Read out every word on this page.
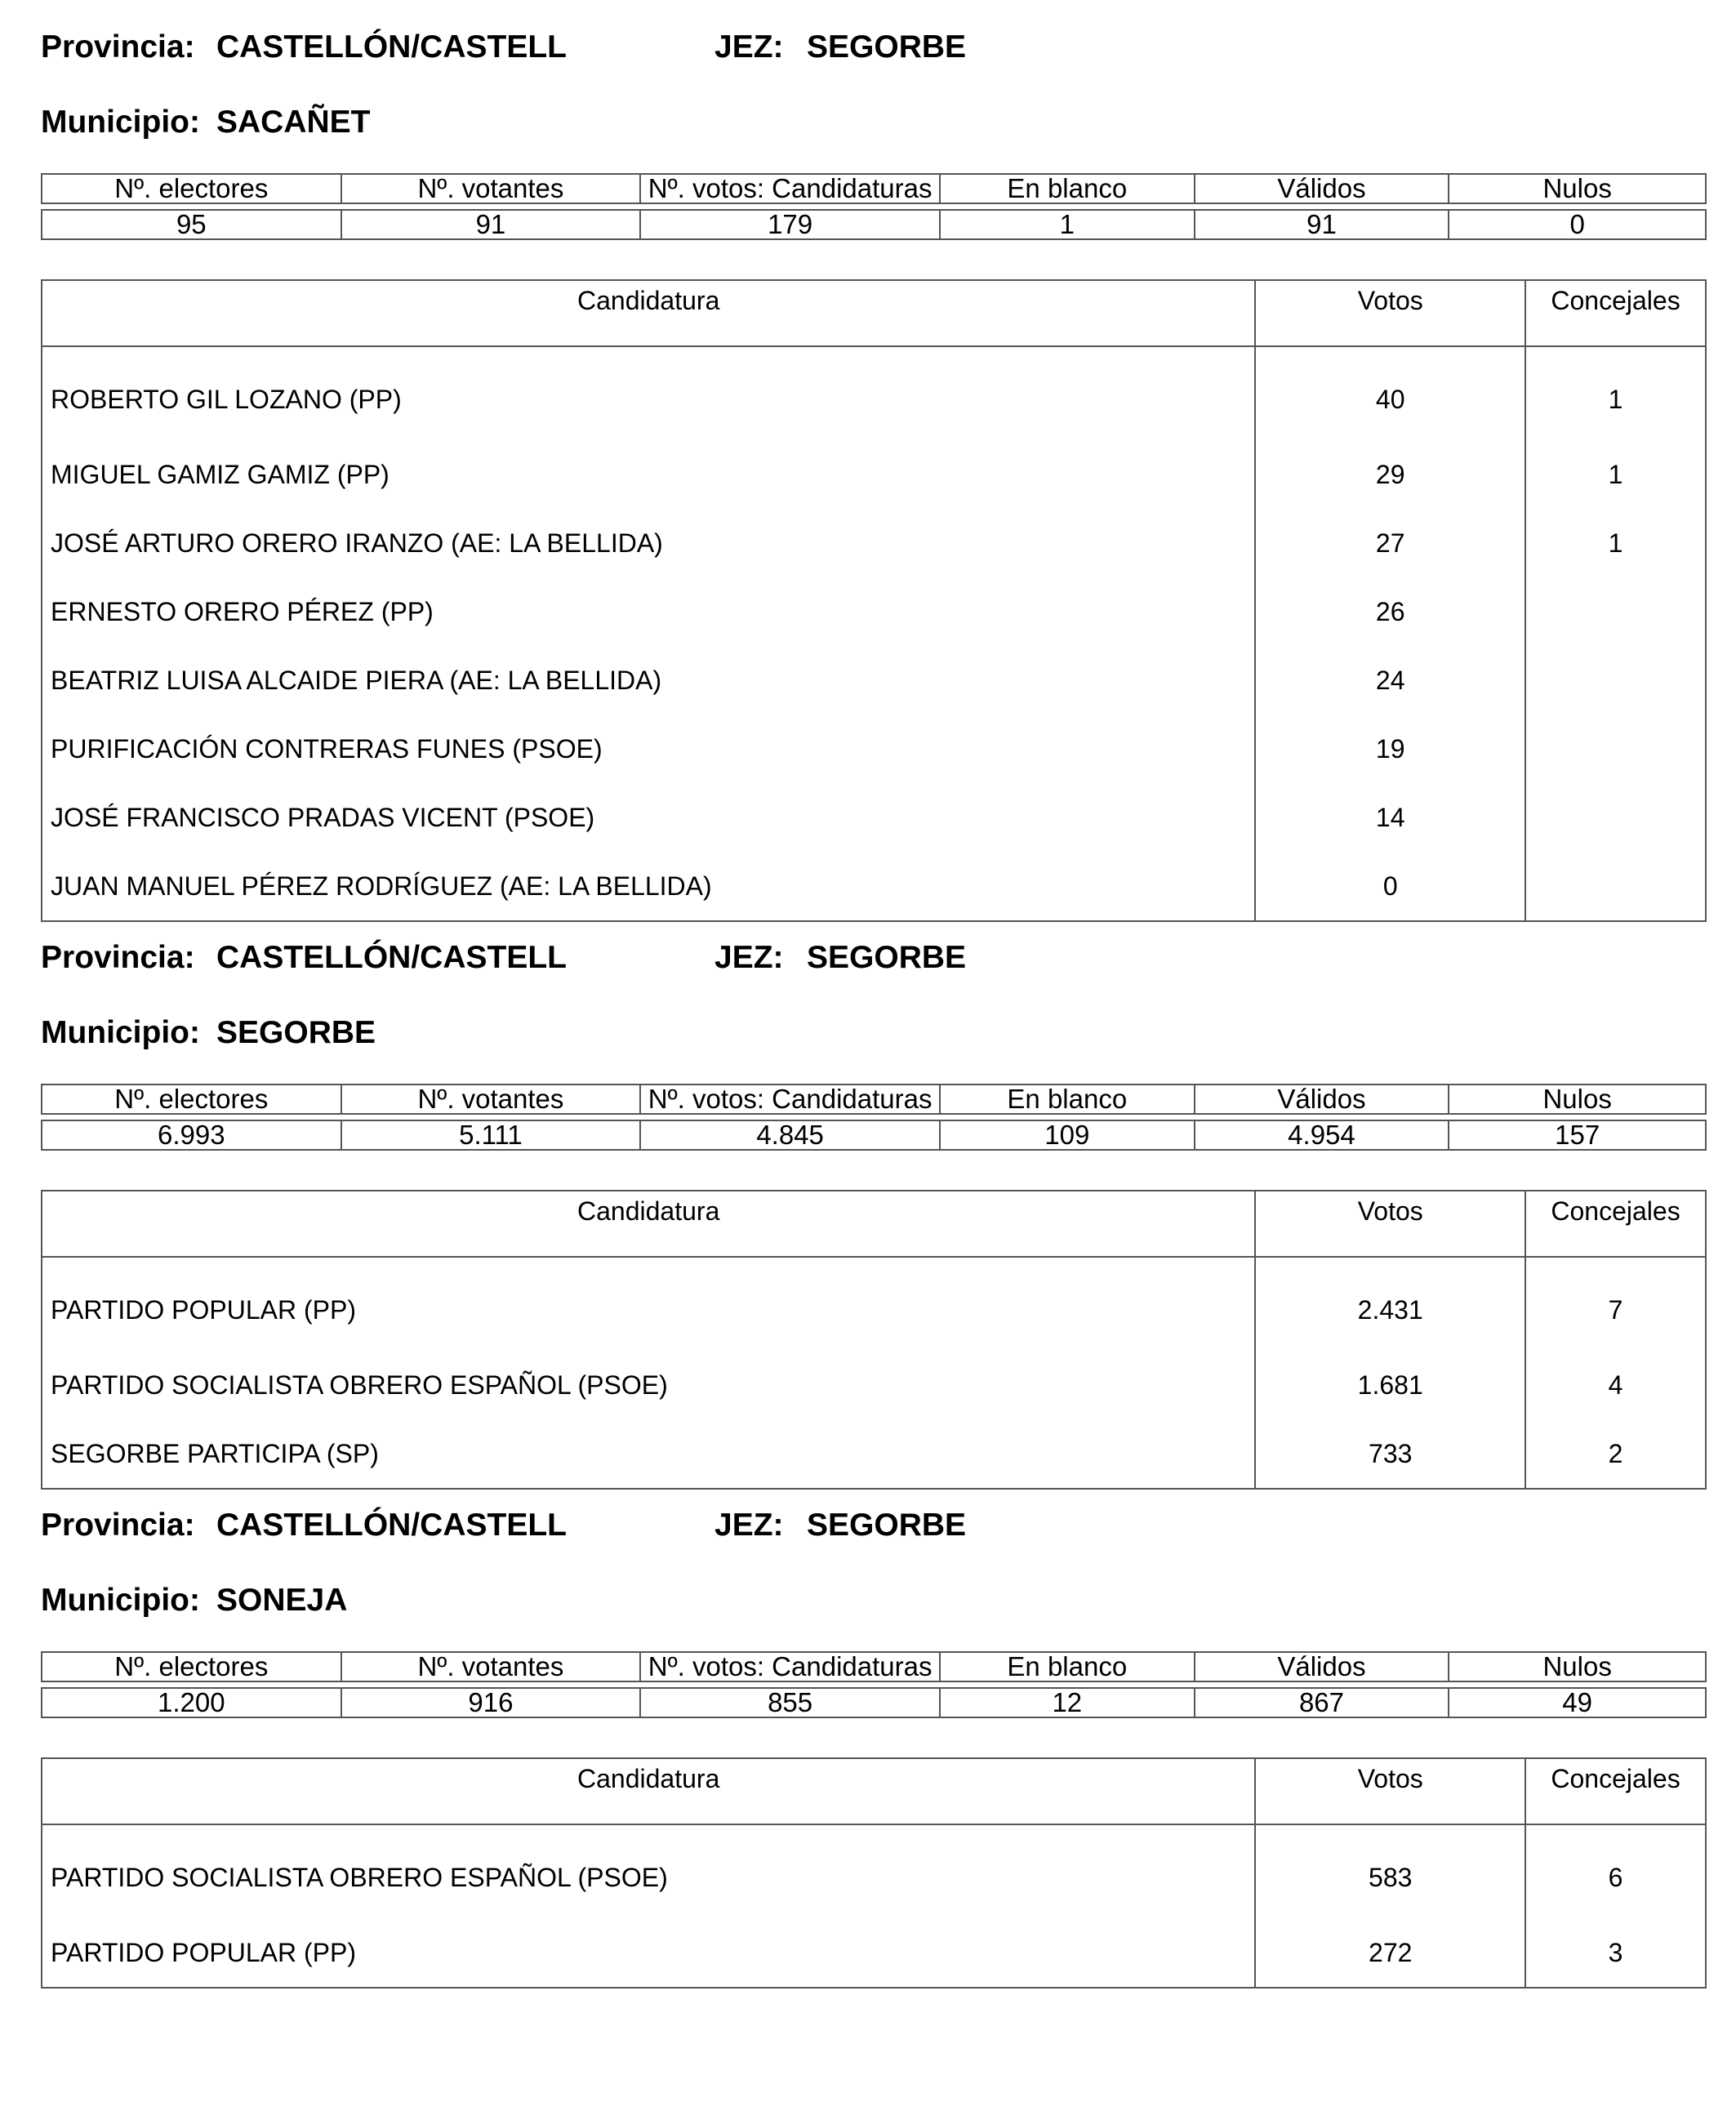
Provincia: CASTELLÓN/CASTELL	JEZ: SEGORBE
Municipio: SACAÑET
Nº. electores	Nº. votantes	Nº. votos: Candidaturas	En blanco	Válidos	Nulos

95	91	179	1	91	0
Candidatura	Votos	Concejales
ROBERTO GIL LOZANO (PP)	40	1
MIGUEL GAMIZ GAMIZ (PP)	29	1
JOSÉ ARTURO ORERO IRANZO (AE: LA BELLIDA)	27	1
ERNESTO ORERO PÉREZ (PP)	26	
BEATRIZ LUISA ALCAIDE PIERA (AE: LA BELLIDA)	24	
PURIFICACIÓN CONTRERAS FUNES (PSOE)	19	
JOSÉ FRANCISCO PRADAS VICENT (PSOE)	14	
JUAN MANUEL PÉREZ RODRÍGUEZ (AE: LA BELLIDA)	0	
Provincia: CASTELLÓN/CASTELL	JEZ: SEGORBE
Municipio: SEGORBE
Nº. electores	Nº. votantes	Nº. votos: Candidaturas	En blanco	Válidos	Nulos

6.993	5.111	4.845	109	4.954	157
Candidatura	Votos	Concejales
PARTIDO POPULAR (PP)	2.431	7
PARTIDO SOCIALISTA OBRERO ESPAÑOL (PSOE)	1.681	4
SEGORBE PARTICIPA (SP)	733	2
Provincia: CASTELLÓN/CASTELL	JEZ: SEGORBE
Municipio: SONEJA
Nº. electores	Nº. votantes	Nº. votos: Candidaturas	En blanco	Válidos	Nulos

1.200	916	855	12	867	49
Candidatura	Votos	Concejales
PARTIDO SOCIALISTA OBRERO ESPAÑOL (PSOE)	583	6
PARTIDO POPULAR (PP)	272	3
